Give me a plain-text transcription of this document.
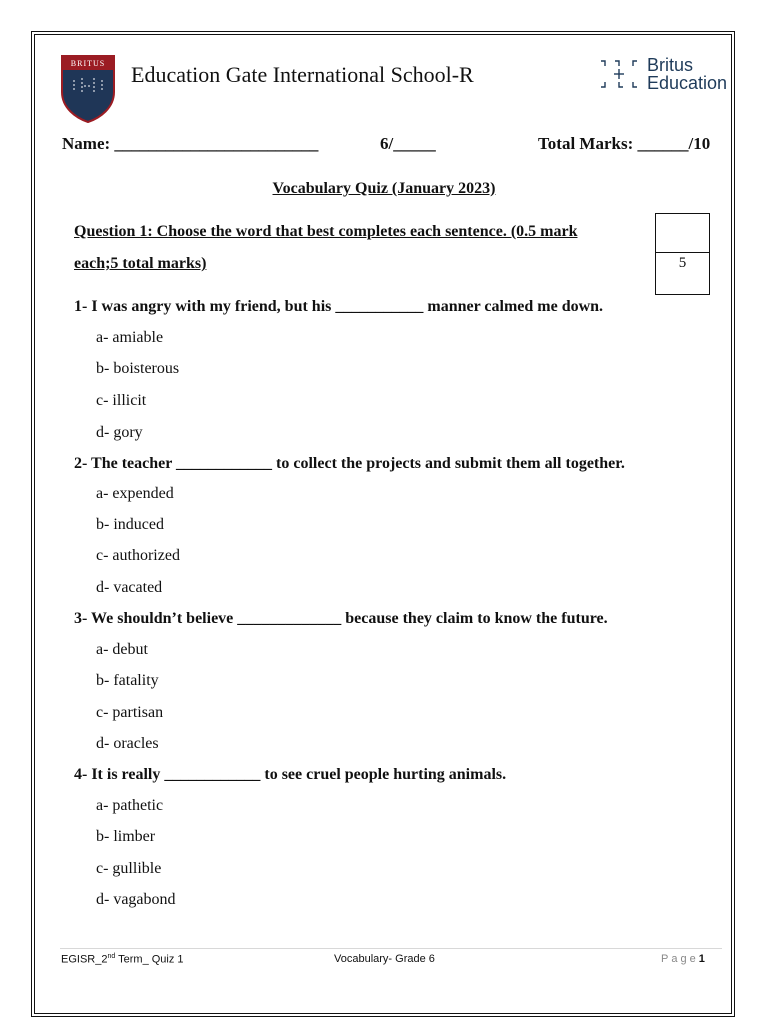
BRITUS Education Gate International School-R	Britus
Education
Name: ________________________	6/_____	Total Marks: ______/10
Vocabulary Quiz (January 2023)
Question 1: Choose the word that best completes each sentence. (0.5 mark
each;5 total marks)	5
1- I was angry with my friend, but his ___________ manner calmed me down.
a- amiable
b- boisterous
c- illicit
d- gory
2- The teacher ____________ to collect the projects and submit them all together.
a- expended
b- induced
c- authorized
d- vacated
3- We shouldn’t believe _____________ because they claim to know the future.
a- debut
b- fatality
c- partisan
d- oracles
4- It is really ____________ to see cruel people hurting animals.
a- pathetic
b- limber
c- gullible
d- vagabond
EGISR_2nd Term_ Quiz 1	Vocabulary- Grade 6	Page1
